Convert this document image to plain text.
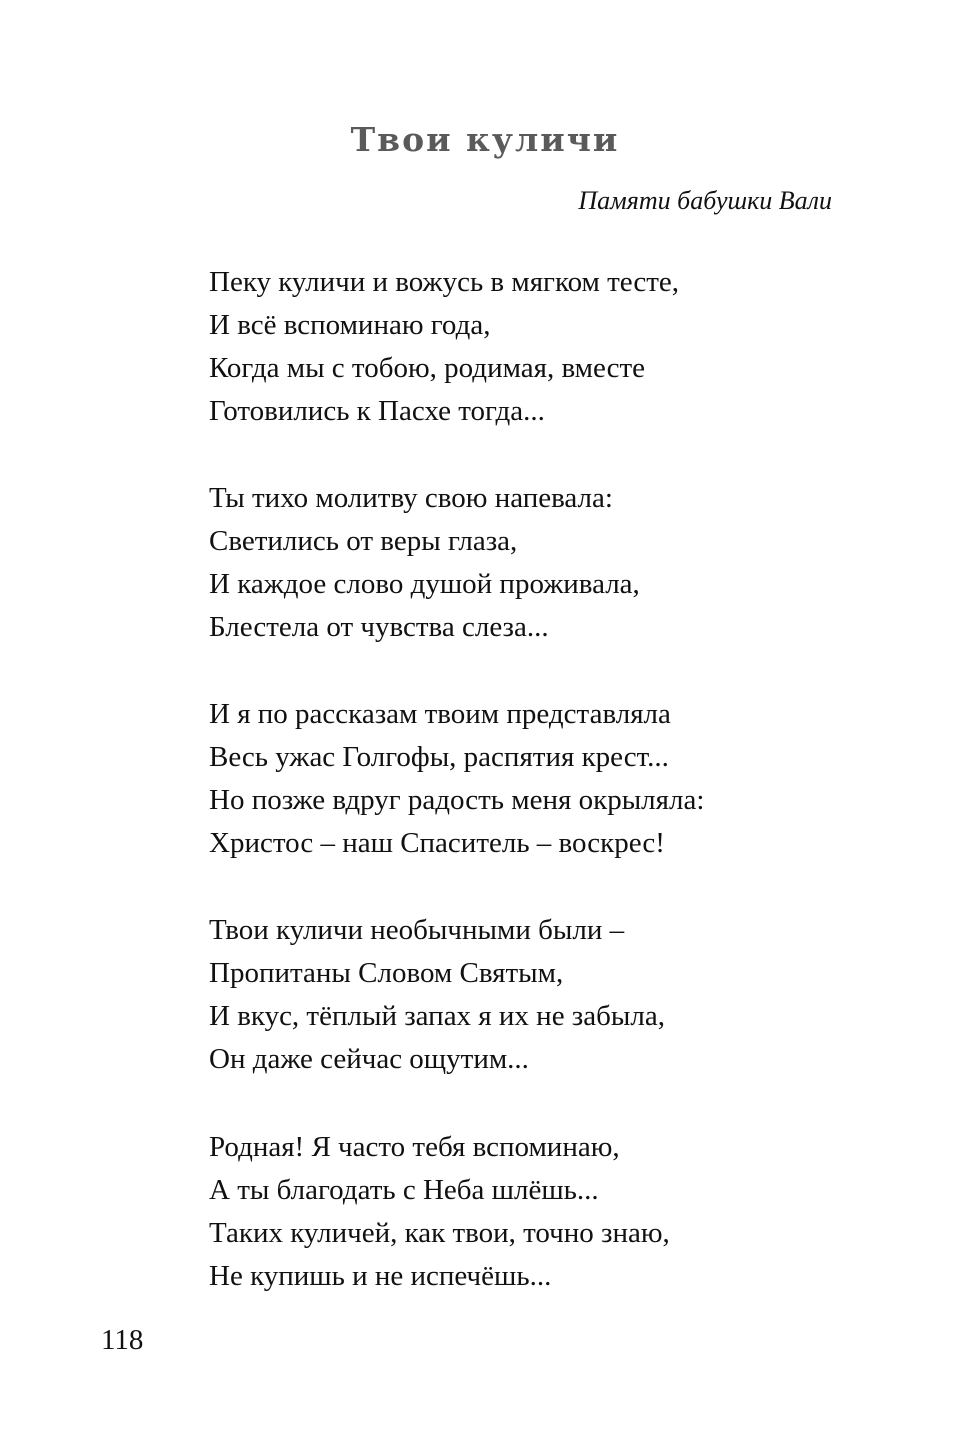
Твои куличи
Памяти бабушки Вали
Пеку куличи и вожусь в мягком тесте,
И всё вспоминаю года,
Когда мы с тобою, родимая, вместе
Готовились к Пасхе тогда...
Ты тихо молитву свою напевала:
Светились от веры глаза,
И каждое слово душой проживала,
Блестела от чувства слеза...
И я по рассказам твоим представляла
Весь ужас Голгофы, распятия крест...
Но позже вдруг радость меня окрыляла:
Христос – наш Спаситель – воскрес!
Твои куличи необычными были –
Пропитаны Словом Святым,
И вкус, тёплый запах я их не забыла,
Он даже сейчас ощутим...
Родная! Я часто тебя вспоминаю,
А ты благодать с Неба шлёшь...
Таких куличей, как твои, точно знаю,
Не купишь и не испечёшь...
118
